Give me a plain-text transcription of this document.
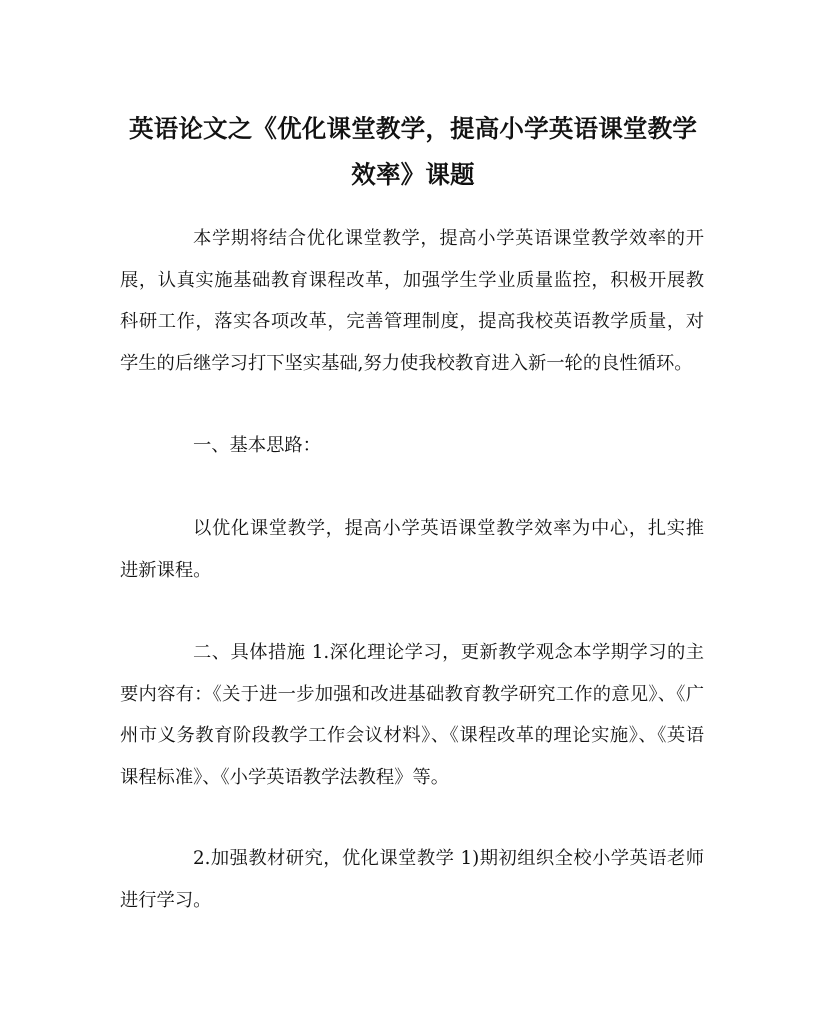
英语论文之《优化课堂教学，提高小学英语课堂教学效率》课题

本学期将结合优化课堂教学，提高小学英语课堂教学效率的开展，认真实施基础教育课程改革，加强学生学业质量监控，积极开展教科研工作，落实各项改革，完善管理制度，提高我校英语教学质量，对学生的后继学习打下坚实基础,努力使我校教育进入新一轮的良性循环。

一、基本思路：

以优化课堂教学，提高小学英语课堂教学效率为中心，扎实推进新课程。

二、具体措施 1.深化理论学习，更新教学观念本学期学习的主要内容有：《关于进一步加强和改进基础教育教学研究工作的意见》、《广州市义务教育阶段教学工作会议材料》、《课程改革的理论实施》、《英语课程标准》、《小学英语教学法教程》等。

2.加强教材研究，优化课堂教学 1)期初组织全校小学英语老师进行学习。
